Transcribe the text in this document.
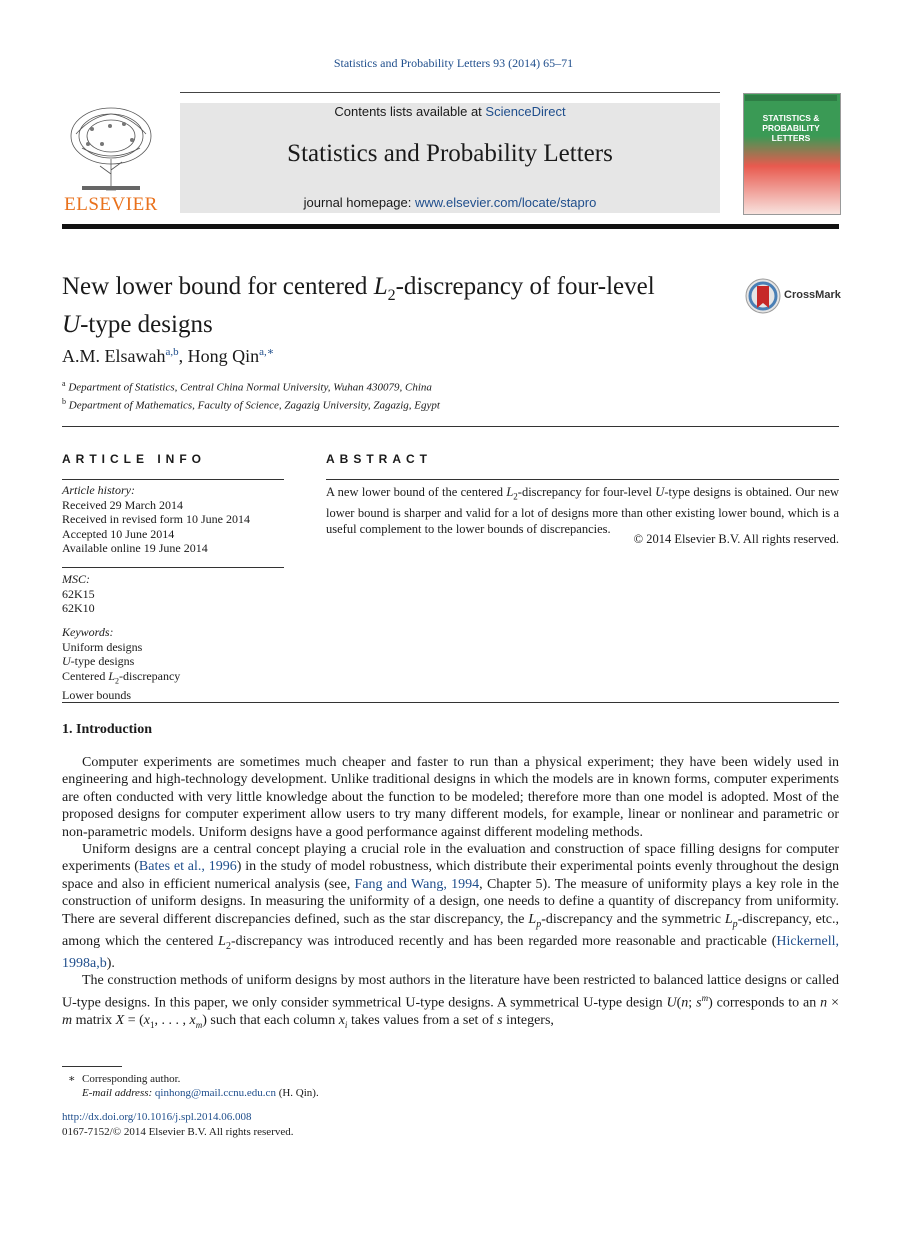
Statistics and Probability Letters 93 (2014) 65–71
ELSEVIER
Contents lists available at ScienceDirect
Statistics and Probability Letters
journal homepage: www.elsevier.com/locate/stapro
STATISTICS & PROBABILITY LETTERS
New lower bound for centered $L_2$-discrepancy of four-level
U-type designs
CrossMark
A.M. Elsawah$^{a,b}$, Hong Qin$^{a,∗}$
$^a$ Department of Statistics, Central China Normal University, Wuhan 430079, China
$^b$ Department of Mathematics, Faculty of Science, Zagazig University, Zagazig, Egypt
ARTICLE INFO
Article history:
Received 29 March 2014
Received in revised form 10 June 2014
Accepted 10 June 2014
Available online 19 June 2014
MSC:
62K15
62K10
Keywords:
Uniform designs
U-type designs
Centered $L_2$-discrepancy
Lower bounds
ABSTRACT
A new lower bound of the centered $L_2$-discrepancy for four-level U-type designs is obtained. Our new lower bound is sharper and valid for a lot of designs more than other existing lower bound, which is a useful complement to the lower bounds of discrepancies.
© 2014 Elsevier B.V. All rights reserved.
1. Introduction

Computer experiments are sometimes much cheaper and faster to run than a physical experiment; they have been widely used in engineering and high-technology development. Unlike traditional designs in which the models are in known forms, computer experiments are often conducted with very little knowledge about the function to be modeled; therefore more than one model is adopted. Most of the proposed designs for computer experiment allow users to try many different models, for example, linear or nonlinear and parametric or non-parametric models. Uniform designs have a good performance against different modeling methods.

Uniform designs are a central concept playing a crucial role in the evaluation and construction of space filling designs for computer experiments (Bates et al., 1996) in the study of model robustness, which distribute their experimental points evenly throughout the design space and also in efficient numerical analysis (see, Fang and Wang, 1994, Chapter 5). The measure of uniformity plays a key role in the construction of uniform designs. In measuring the uniformity of a design, one needs to define a quantity of discrepancy from uniformity. There are several different discrepancies defined, such as the star discrepancy, the $L_p$-discrepancy and the symmetric $L_p$-discrepancy, etc., among which the centered $L_2$-discrepancy was introduced recently and has been regarded more reasonable and practicable (Hickernell, 1998a,b).

The construction methods of uniform designs by most authors in the literature have been restricted to balanced lattice designs or called U-type designs. In this paper, we only consider symmetrical U-type designs. A symmetrical U-type design U(n; $s^m$) corresponds to an n × m matrix $X = (x_1$, . . . , $x_m$) such that each column $x_i$ takes values from a set of s integers,

∗ Corresponding author.
E-mail address: qinhong@mail.ccnu.edu.cn (H. Qin).
http://dx.doi.org/10.1016/j.spl.2014.06.008
0167-7152/© 2014 Elsevier B.V. All rights reserved.
